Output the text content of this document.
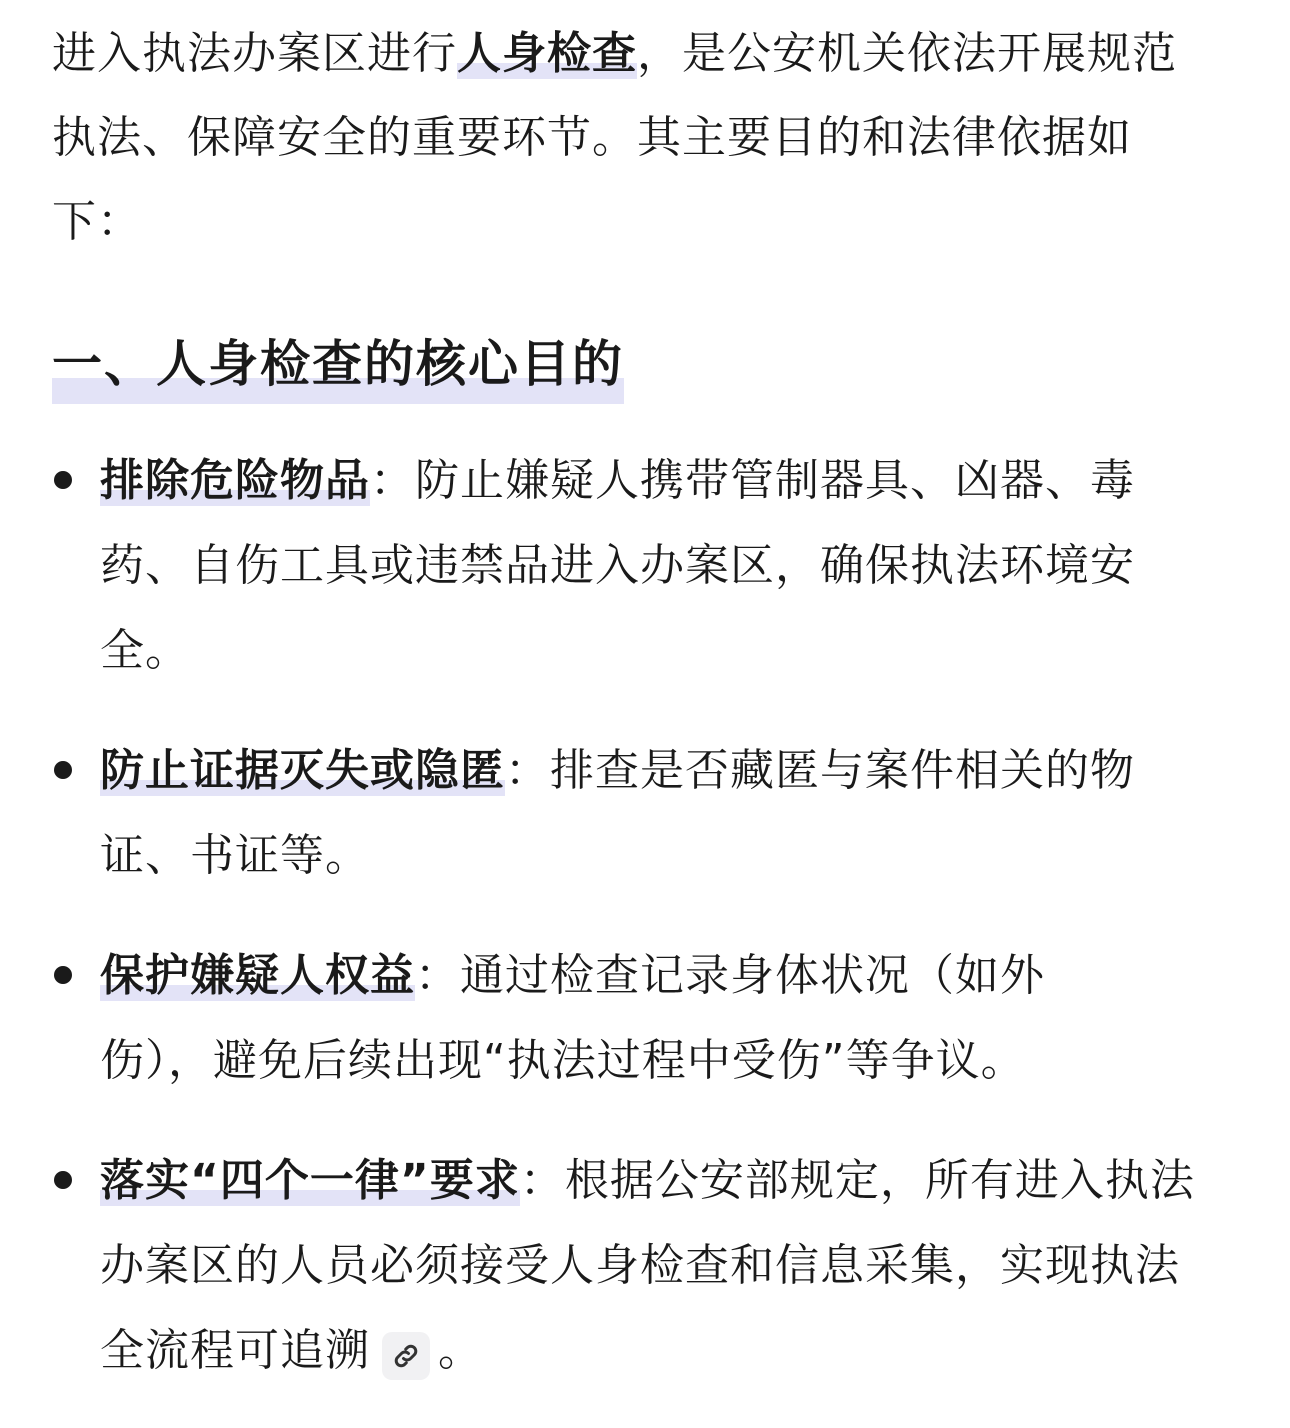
进入执法办案区进行人身检查，是公安机关依法开展规范执法、保障安全的重要环节。其主要目的和法律依据如下：

一、人身检查的核心目的
排除危险物品：防止嫌疑人携带管制器具、凶器、毒药、自伤工具或违禁品进入办案区，确保执法环境安全。
防止证据灭失或隐匿：排查是否藏匿与案件相关的物证、书证等。
保护嫌疑人权益：通过检查记录身体状况（如外伤），避免后续出现“执法过程中受伤”等争议。
落实“四个一律”要求：根据公安部规定，所有进入执法办案区的人员必须接受人身检查和信息采集，实现执法全流程可追溯 。
